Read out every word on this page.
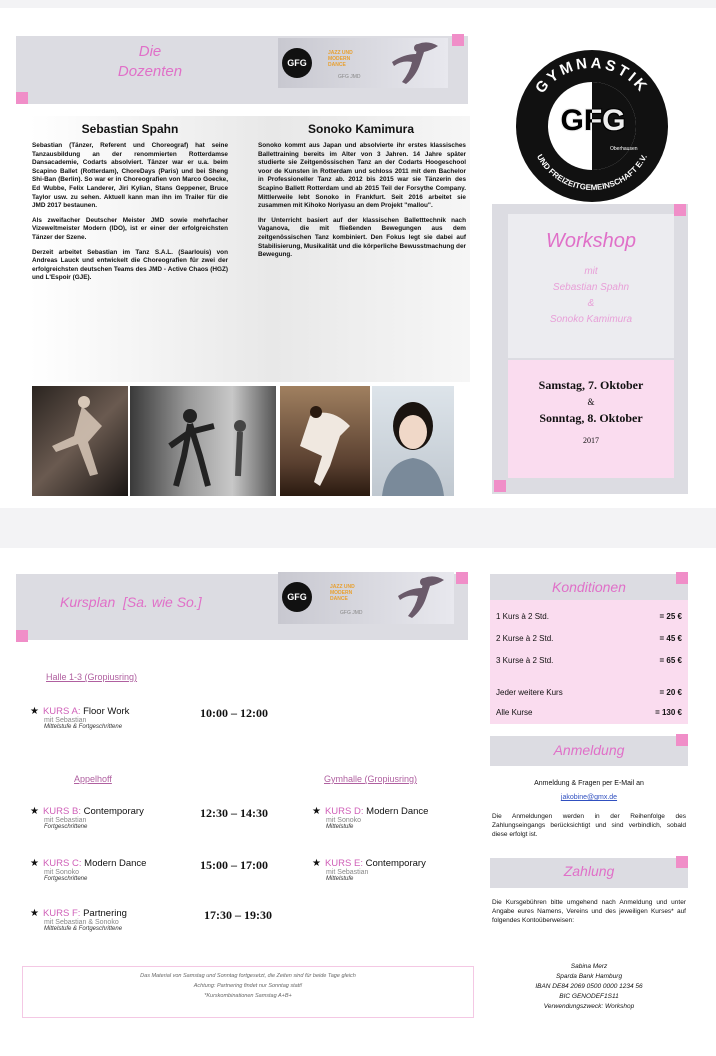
Die
Dozenten	GFG
JAZZ UND MODERN DANCE
GFG JMD
Sebastian Spahn	Sonoko Kamimura

Sebastian (Tänzer, Referent und Choreograf) hat seine Tanzausbildung an der renommierten Rotterdamse Dansacademie, Codarts absolviert. Tänzer war er u.a. beim Scapino Ballet (Rotterdam), ChoreDays (Paris) und bei Sheng Shi-Ban (Berlin). So war er in Choreografien von Marco Goecke, Ed Wubbe, Felix Landerer, Jiri Kylian, Stans Geppener, Bruce Taylor usw. zu sehen. Aktuell kann man ihn im Trailer für die JMD 2017 bestaunen.

Als zweifacher Deutscher Meister JMD sowie mehrfacher Vizeweltmeister Modern (IDO), ist er einer der erfolgreichsten Tänzer der Szene.

Derzeit arbeitet Sebastian im Tanz S.A.L. (Saarlouis) von Andreas Lauck und entwickelt die Choreografien für zwei der erfolgreichsten deutschen Teams des JMD - Active Chaos (HGZ) und L'Espoir (GJE).

Sonoko kommt aus Japan und absolvierte ihr erstes klassisches Ballettraining bereits im Alter von 3 Jahren. 14 Jahre später studierte sie Zeitgenössischen Tanz an der Codarts Hoogeschool voor de Kunsten in Rotterdam und schloss 2011 mit dem Bachelor in Professioneller Tanz ab. 2012 bis 2015 war sie Tänzerin des Scapino Ballett Rotterdam und ab 2015 Teil der Forsythe Company. Mittlerweile lebt Sonoko in Frankfurt. Seit 2016 arbeitet sie zusammen mit Kihoko Noriyasu an dem Projekt "mallou".

Ihr Unterricht basiert auf der klassischen Balletttechnik nach Vaganova, die mit fließenden Bewegungen aus dem zeitgenössischen Tanz kombiniert. Den Fokus legt sie dabei auf Stabilisierung, Musikalität und die körperliche Bewusstmachung der Bewegung.

GYMNASTIK
UND FREIZEITGEMEINSCHAFT E.V.
GFG
Oberhausen
Workshop
mit
Sebastian Spahn
&
Sonoko Kamimura
Samstag, 7. Oktober
&
Sonntag, 8. Oktober
2017
Kursplan  [Sa. wie So.]	GFG
JAZZ UND MODERN DANCE
GFG JMD
Halle 1-3 (Gropiusring)
Appelhoff	Gymhalle (Gropiusring)
★ KURS A: Floor Work
mit Sebastian
Mittelstufe & Fortgeschrittene
10:00 – 12:00
★ KURS B: Contemporary
mit Sebastian
Fortgeschrittene
12:30 – 14:30
★ KURS C: Modern Dance
mit Sonoko
Fortgeschrittene
15:00 – 17:00
★ KURS F: Partnering
mit Sebastian & Sonoko
Mittelstufe & Fortgeschrittene
17:30 – 19:30
★ KURS D: Modern Dance
mit Sonoko
Mittelstufe
★ KURS E: Contemporary
mit Sebastian
Mittelstufe
Das Material von Samstag und Sonntag fortgesetzt, die Zeiten sind für beide Tage gleich
Achtung: Partnering findet nur Sonntag statt!
*Kurskombinationen Samstag A+B+
Konditionen
1 Kurs à 2 Std.	= 25 €
2 Kurse à 2 Std.	= 45 €
3 Kurse à 2 Std.	= 65 €
Jeder weitere Kurs	= 20 €
Alle Kurse	= 130 €
Anmeldung
Anmeldung & Fragen per E-Mail an
jakobine@gmx.de
Die Anmeldungen werden in der Reihenfolge des Zahlungseingangs berücksichtigt und sind verbindlich, sobald diese erfolgt ist.
Zahlung
Die Kursgebühren bitte umgehend nach Anmeldung und unter Angabe eures Namens, Vereins und des jeweiligen Kurses* auf folgendes Kontoüberweisen:
Sabina Merz
Sparda Bank Hamburg
IBAN DE84 2069 0500 0000 1234 56
BIC GENODEF1S11
Verwendungszweck: Workshop
